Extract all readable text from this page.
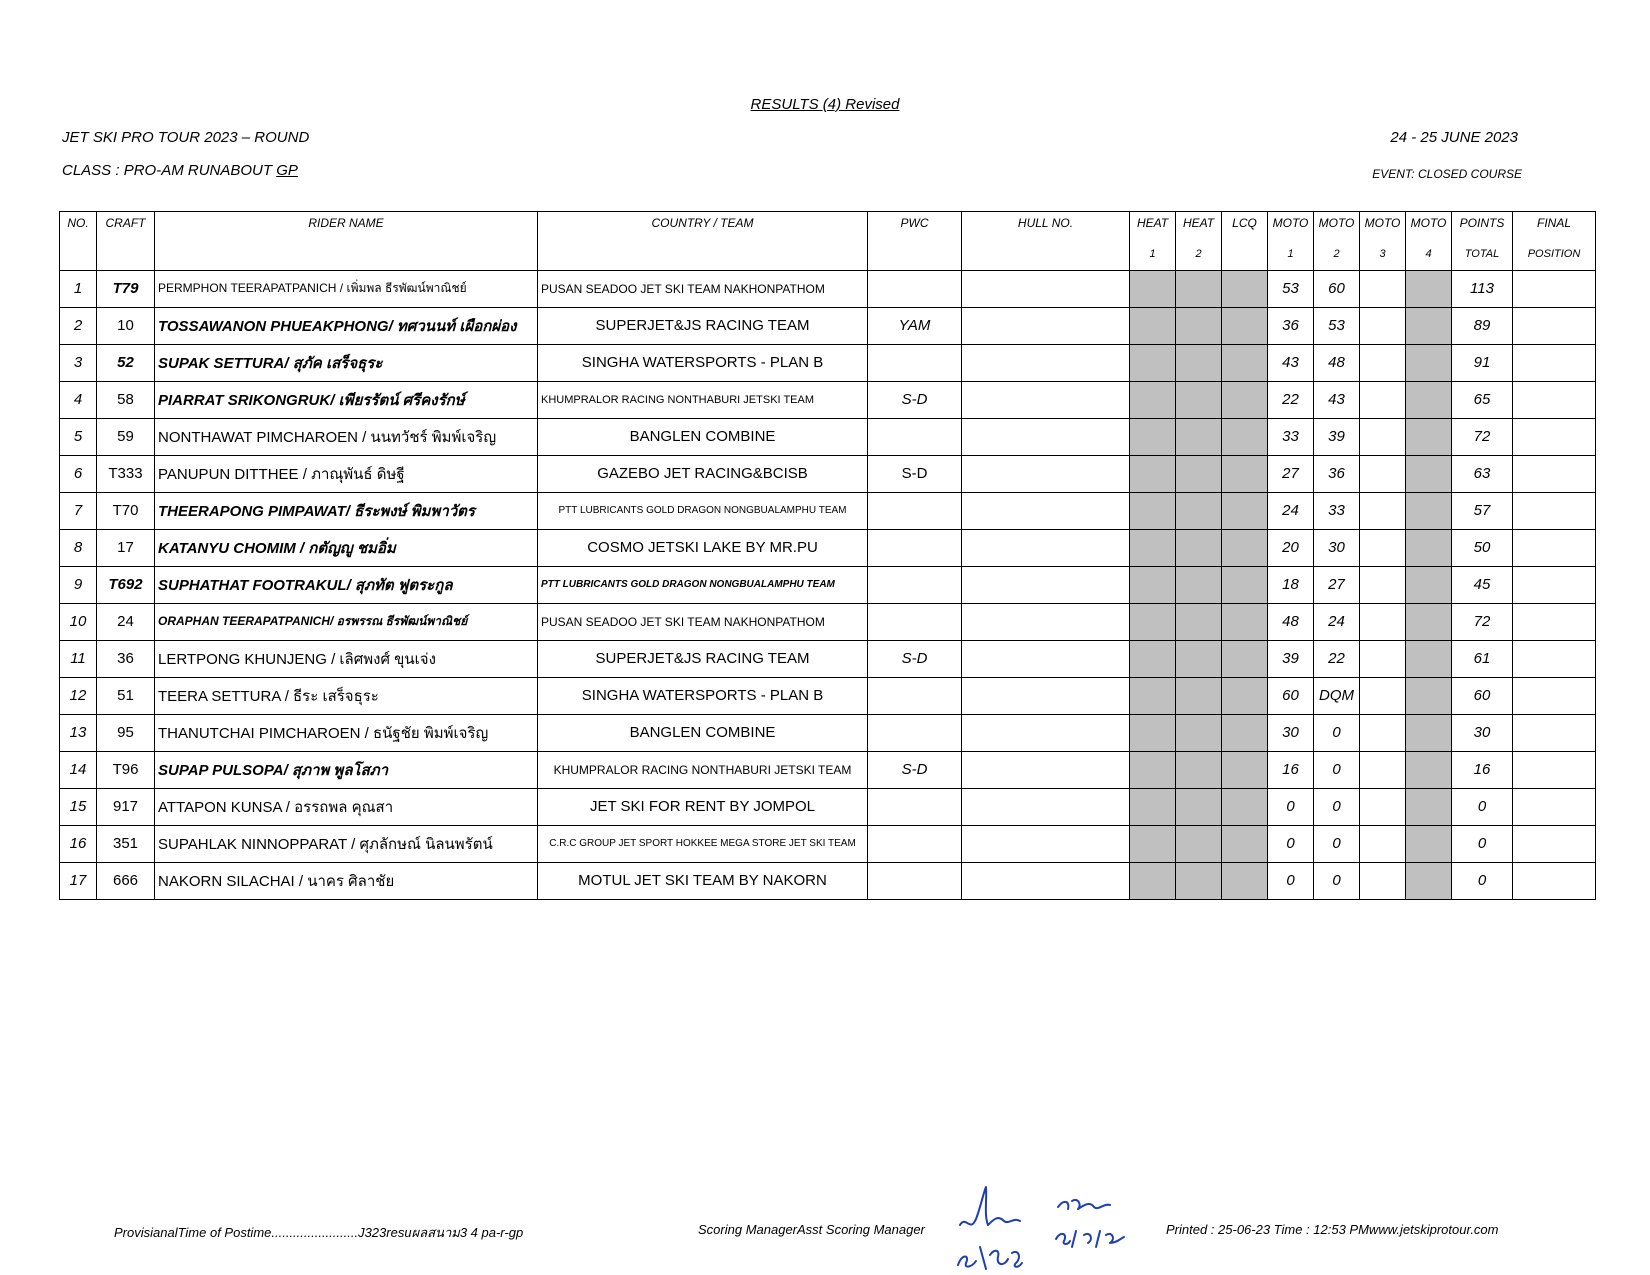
RESULTS (4) Revised
JET SKI PRO TOUR 2023 – ROUND	24 - 25 JUNE 2023
CLASS : PRO-AM RUNABOUT GP	EVENT: CLOSED COURSE
NO.	CRAFT	RIDER NAME	COUNTRY / TEAM	PWC	HULL NO.	HEAT	HEAT	LCQ	MOTO	MOTO	MOTO	MOTO	POINTS	FINAL
						1	2		1	2	3	4	TOTAL	POSITION
1	T79	PERMPHON TEERAPATPANICH / เพิ่มพล ธีรพัฒน์พาณิชย์	PUSAN SEADOO JET SKI TEAM NAKHONPATHOM						53	60			113	
2	10	TOSSAWANON PHUEAKPHONG/ ทศวนนท์ เผือกผ่อง	SUPERJET&JS RACING TEAM	YAM					36	53			89	
3	52	SUPAK SETTURA/ สุภัค เสร็จธุระ	SINGHA WATERSPORTS - PLAN B						43	48			91	
4	58	PIARRAT SRIKONGRUK/ เพียรรัตน์ ศรีคงรักษ์	KHUMPRALOR RACING NONTHABURI JETSKI TEAM	S-D					22	43			65	
5	59	NONTHAWAT PIMCHAROEN / นนทวัชร์ พิมพ์เจริญ	BANGLEN COMBINE						33	39			72	
6	T333	PANUPUN DITTHEE / ภาณุพันธ์ ดิษฐี	GAZEBO JET RACING&BCISB	S-D					27	36			63	
7	T70	THEERAPONG PIMPAWAT/ ธีระพงษ์ พิมพาวัตร	PTT LUBRICANTS GOLD DRAGON NONGBUALAMPHU TEAM						24	33			57	
8	17	KATANYU CHOMIM / กตัญญู ชมอิ่ม	COSMO JETSKI LAKE BY MR.PU						20	30			50	
9	T692	SUPHATHAT FOOTRAKUL/ สุภทัต ฟูตระกูล	PTT LUBRICANTS GOLD DRAGON NONGBUALAMPHU TEAM						18	27			45	
10	24	ORAPHAN TEERAPATPANICH/ อรพรรณ ธีรพัฒน์พาณิชย์	PUSAN SEADOO JET SKI TEAM NAKHONPATHOM						48	24			72	
11	36	LERTPONG KHUNJENG / เลิศพงศ์ ขุนเจ่ง	SUPERJET&JS RACING TEAM	S-D					39	22			61	
12	51	TEERA SETTURA / ธีระ เสร็จธุระ	SINGHA WATERSPORTS - PLAN B						60	DQM			60	
13	95	THANUTCHAI PIMCHAROEN / ธนัฐชัย พิมพ์เจริญ	BANGLEN COMBINE						30	0			30	
14	T96	SUPAP PULSOPA/ สุภาพ พูลโสภา	KHUMPRALOR RACING NONTHABURI JETSKI TEAM	S-D					16	0			16	
15	917	ATTAPON KUNSA / อรรถพล คุณสา	JET SKI FOR RENT BY JOMPOL						0	0			0	
16	351	SUPAHLAK NINNOPPARAT / ศุภลักษณ์ นิลนพรัตน์	C.R.C GROUP JET SPORT HOKKEE MEGA STORE JET SKI TEAM						0	0			0	
17	666	NAKORN SILACHAI / นาคร ศิลาชัย	MOTUL JET SKI TEAM BY NAKORN						0	0			0	
ProvisianalTime of Postime........................J323resuผลสนาม3 4 pa-r-gp	Scoring ManagerAsst Scoring Manager	Printed : 25-06-23 Time : 12:53 PMwww.jetskiprotour.com
